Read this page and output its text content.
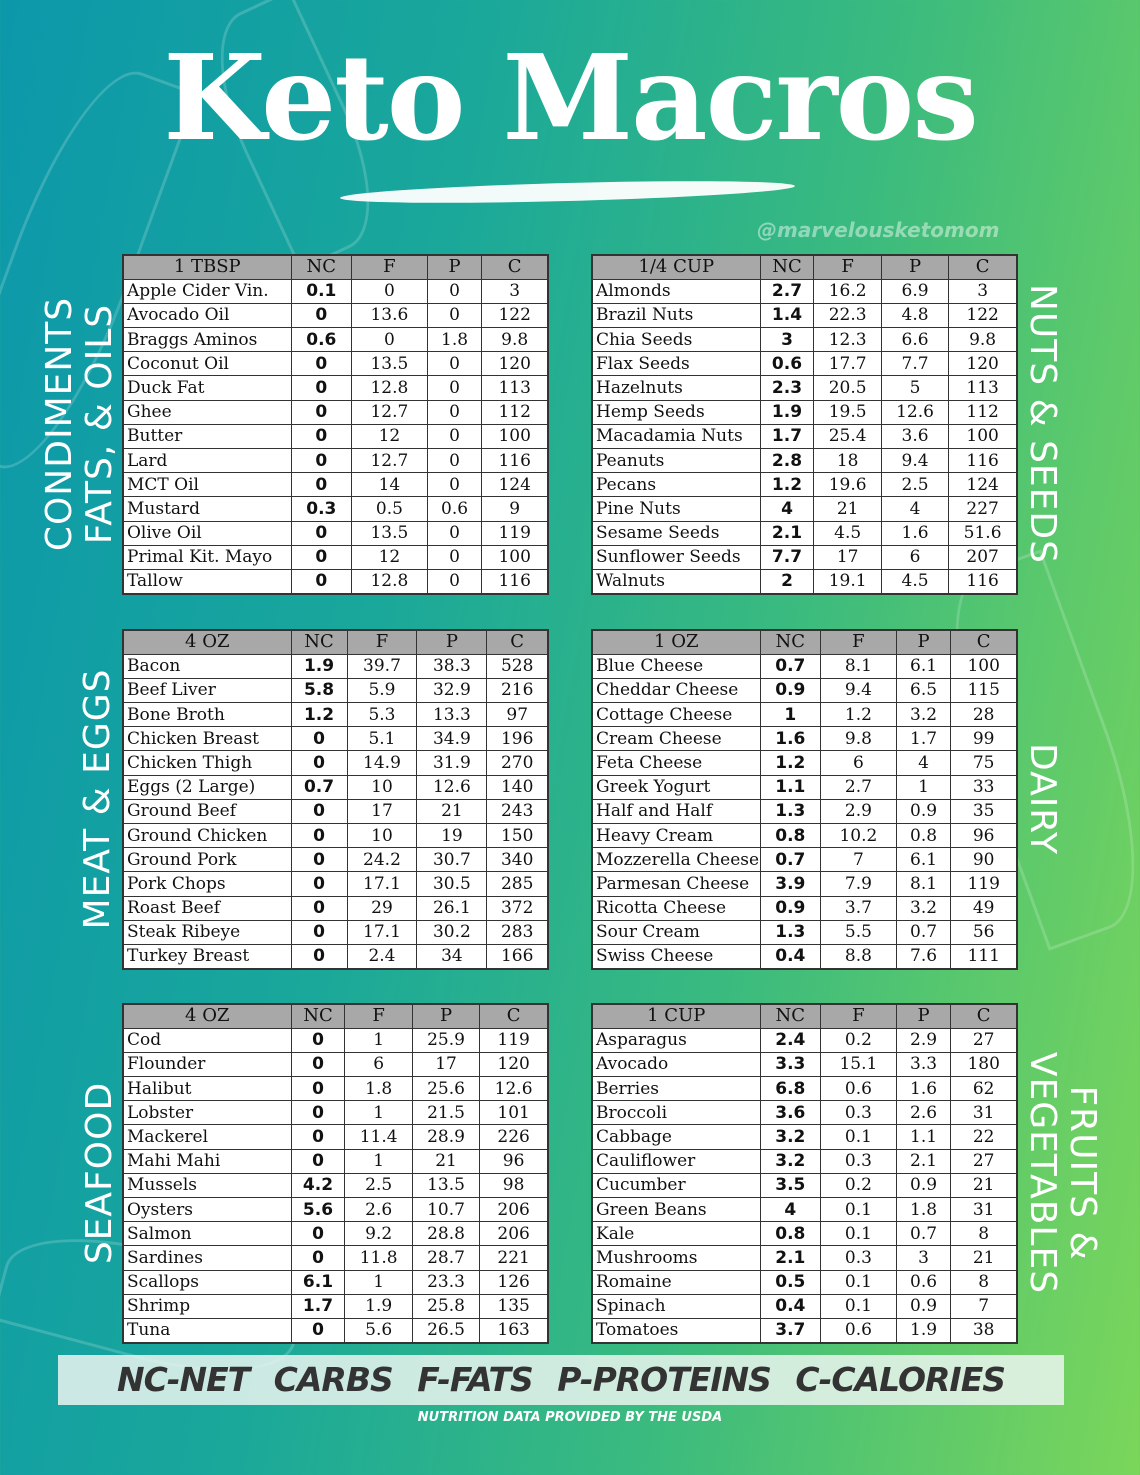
Keto Macros
@marvelousketomom
1 TBSP	NC	F	P	C
Apple Cider Vin.	0.1	0	0	3
Avocado Oil	0	13.6	0	122
Braggs Aminos	0.6	0	1.8	9.8
Coconut Oil	0	13.5	0	120
Duck Fat	0	12.8	0	113
Ghee	0	12.7	0	112
Butter	0	12	0	100
Lard	0	12.7	0	116
MCT Oil	0	14	0	124
Mustard	0.3	0.5	0.6	9
Olive Oil	0	13.5	0	119
Primal Kit. Mayo	0	12	0	100
Tallow	0	12.8	0	116
CONDIMENTS FATS, & OILS
1/4 CUP	NC	F	P	C
Almonds	2.7	16.2	6.9	3
Brazil Nuts	1.4	22.3	4.8	122
Chia Seeds	3	12.3	6.6	9.8
Flax Seeds	0.6	17.7	7.7	120
Hazelnuts	2.3	20.5	5	113
Hemp Seeds	1.9	19.5	12.6	112
Macadamia Nuts	1.7	25.4	3.6	100
Peanuts	2.8	18	9.4	116
Pecans	1.2	19.6	2.5	124
Pine Nuts	4	21	4	227
Sesame Seeds	2.1	4.5	1.6	51.6
Sunflower Seeds	7.7	17	6	207
Walnuts	2	19.1	4.5	116
NUTS & SEEDS
4 OZ	NC	F	P	C
Bacon	1.9	39.7	38.3	528
Beef Liver	5.8	5.9	32.9	216
Bone Broth	1.2	5.3	13.3	97
Chicken Breast	0	5.1	34.9	196
Chicken Thigh	0	14.9	31.9	270
Eggs (2 Large)	0.7	10	12.6	140
Ground Beef	0	17	21	243
Ground Chicken	0	10	19	150
Ground Pork	0	24.2	30.7	340
Pork Chops	0	17.1	30.5	285
Roast Beef	0	29	26.1	372
Steak Ribeye	0	17.1	30.2	283
Turkey Breast	0	2.4	34	166
MEAT & EGGS
1 OZ	NC	F	P	C
Blue Cheese	0.7	8.1	6.1	100
Cheddar Cheese	0.9	9.4	6.5	115
Cottage Cheese	1	1.2	3.2	28
Cream Cheese	1.6	9.8	1.7	99
Feta Cheese	1.2	6	4	75
Greek Yogurt	1.1	2.7	1	33
Half and Half	1.3	2.9	0.9	35
Heavy Cream	0.8	10.2	0.8	96
Mozzerella Cheese	0.7	7	6.1	90
Parmesan Cheese	3.9	7.9	8.1	119
Ricotta Cheese	0.9	3.7	3.2	49
Sour Cream	1.3	5.5	0.7	56
Swiss Cheese	0.4	8.8	7.6	111
DAIRY
4 OZ	NC	F	P	C
Cod	0	1	25.9	119
Flounder	0	6	17	120
Halibut	0	1.8	25.6	12.6
Lobster	0	1	21.5	101
Mackerel	0	11.4	28.9	226
Mahi Mahi	0	1	21	96
Mussels	4.2	2.5	13.5	98
Oysters	5.6	2.6	10.7	206
Salmon	0	9.2	28.8	206
Sardines	0	11.8	28.7	221
Scallops	6.1	1	23.3	126
Shrimp	1.7	1.9	25.8	135
Tuna	0	5.6	26.5	163
SEAFOOD
1 CUP	NC	F	P	C
Asparagus	2.4	0.2	2.9	27
Avocado	3.3	15.1	3.3	180
Berries	6.8	0.6	1.6	62
Broccoli	3.6	0.3	2.6	31
Cabbage	3.2	0.1	1.1	22
Cauliflower	3.2	0.3	2.1	27
Cucumber	3.5	0.2	0.9	21
Green Beans	4	0.1	1.8	31
Kale	0.8	0.1	0.7	8
Mushrooms	2.1	0.3	3	21
Romaine	0.5	0.1	0.6	8
Spinach	0.4	0.1	0.9	7
Tomatoes	3.7	0.6	1.9	38
FRUITS &
VEGETABLES
NC-NET CARBS F-FATS P-PROTEINS C-CALORIES
NUTRITION DATA PROVIDED BY THE USDA
